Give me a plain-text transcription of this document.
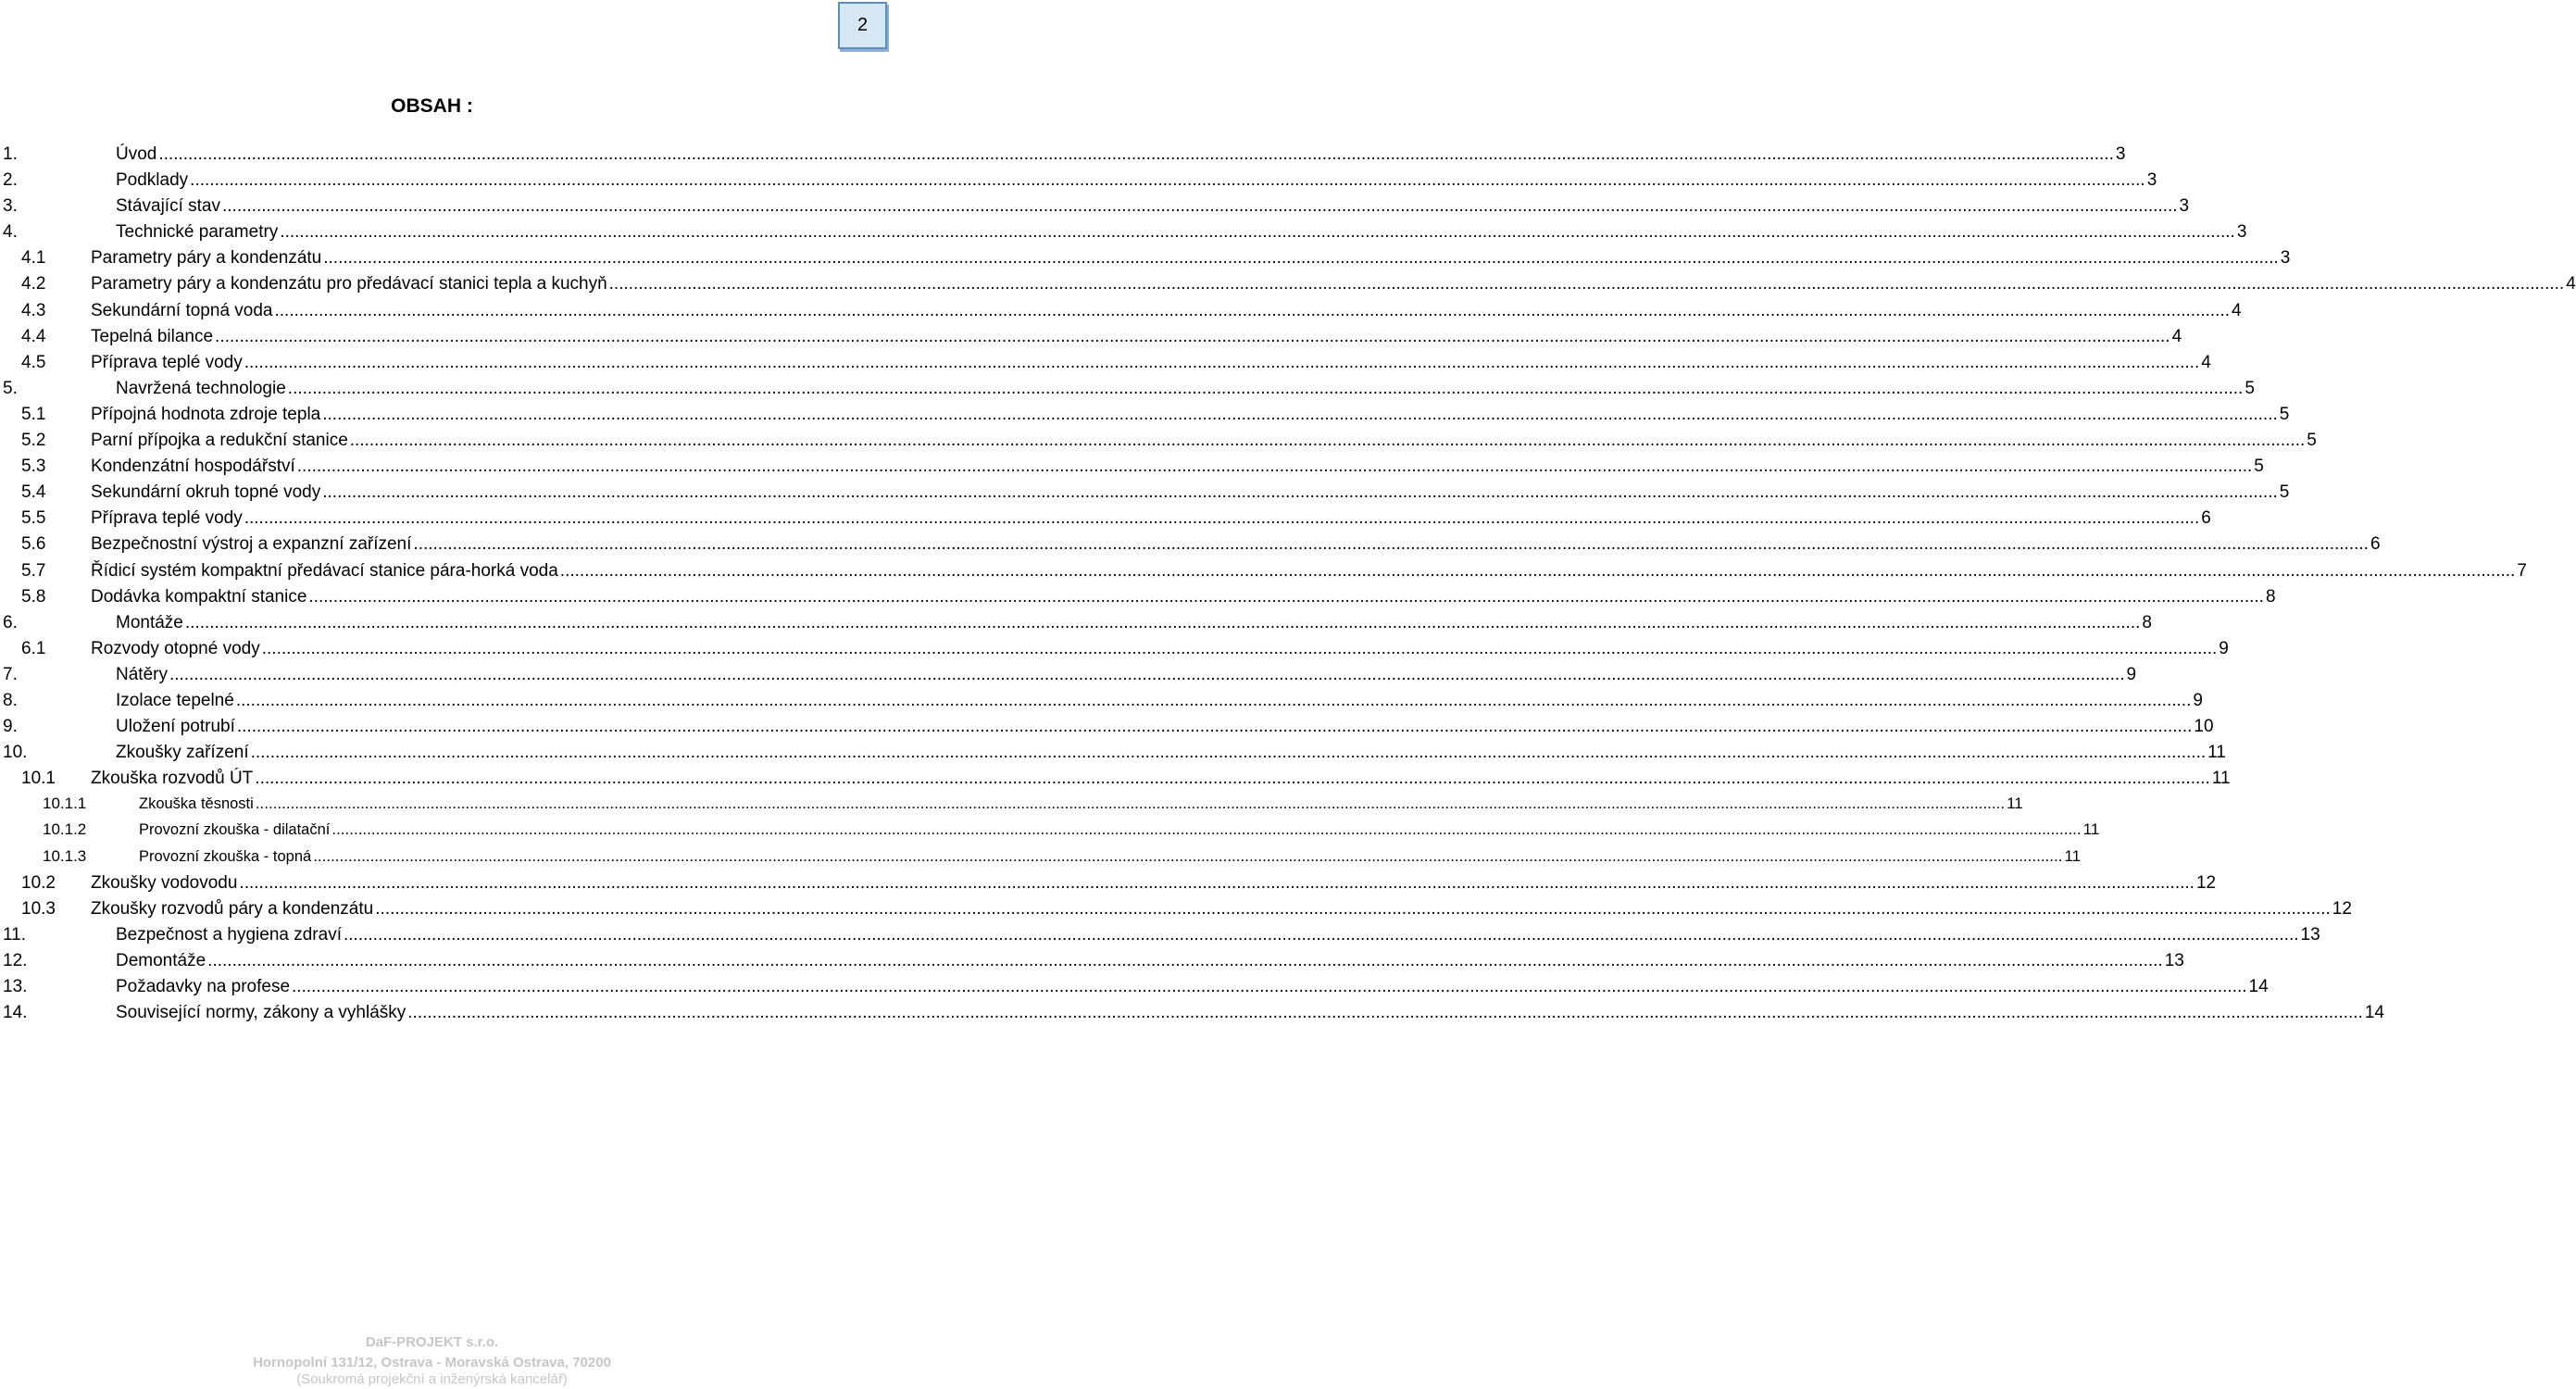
2
OBSAH :
1.	Úvod ................................................................................................................................................................................................................................................................................................................................................................................................................ 3
2.	Podklady ................................................................................................................................................................................................................................................................................................................................................................................................................ 3
3.	Stávající stav ................................................................................................................................................................................................................................................................................................................................................................................................................ 3
4.	Technické parametry ................................................................................................................................................................................................................................................................................................................................................................................................................ 3
4.1	Parametry páry a kondenzátu ................................................................................................................................................................................................................................................................................................................................................................................................................ 3
4.2	Parametry páry a kondenzátu pro předávací stanici tepla a kuchyň ................................................................................................................................................................................................................................................................................................................................................................................................................ 4
4.3	Sekundární topná voda ................................................................................................................................................................................................................................................................................................................................................................................................................ 4
4.4	Tepelná bilance ................................................................................................................................................................................................................................................................................................................................................................................................................ 4
4.5	Příprava teplé vody ................................................................................................................................................................................................................................................................................................................................................................................................................ 4
5.	Navržená technologie ................................................................................................................................................................................................................................................................................................................................................................................................................ 5
5.1	Přípojná hodnota zdroje tepla ................................................................................................................................................................................................................................................................................................................................................................................................................ 5
5.2	Parní přípojka a redukční stanice ................................................................................................................................................................................................................................................................................................................................................................................................................ 5
5.3	Kondenzátní hospodářství ................................................................................................................................................................................................................................................................................................................................................................................................................ 5
5.4	Sekundární okruh topné vody ................................................................................................................................................................................................................................................................................................................................................................................................................ 5
5.5	Příprava teplé vody ................................................................................................................................................................................................................................................................................................................................................................................................................ 6
5.6	Bezpečnostní výstroj a expanzní zařízení ................................................................................................................................................................................................................................................................................................................................................................................................................ 6
5.7	Řídicí systém kompaktní předávací stanice pára-horká voda ................................................................................................................................................................................................................................................................................................................................................................................................................ 7
5.8	Dodávka kompaktní stanice ................................................................................................................................................................................................................................................................................................................................................................................................................ 8
6.	Montáže ................................................................................................................................................................................................................................................................................................................................................................................................................ 8
6.1	Rozvody otopné vody ................................................................................................................................................................................................................................................................................................................................................................................................................ 9
7.	Nátěry ................................................................................................................................................................................................................................................................................................................................................................................................................ 9
8.	Izolace tepelné ................................................................................................................................................................................................................................................................................................................................................................................................................ 9
9.	Uložení potrubí ................................................................................................................................................................................................................................................................................................................................................................................................................ 10
10.	Zkoušky zařízení ................................................................................................................................................................................................................................................................................................................................................................................................................ 11
10.1	Zkouška rozvodů ÚT ................................................................................................................................................................................................................................................................................................................................................................................................................ 11
10.1.1	Zkouška těsnosti ................................................................................................................................................................................................................................................................................................................................................................................................................ 11
10.1.2	Provozní zkouška - dilatační ................................................................................................................................................................................................................................................................................................................................................................................................................ 11
10.1.3	Provozní zkouška - topná ................................................................................................................................................................................................................................................................................................................................................................................................................ 11
10.2	Zkoušky vodovodu ................................................................................................................................................................................................................................................................................................................................................................................................................ 12
10.3	Zkoušky rozvodů páry a kondenzátu ................................................................................................................................................................................................................................................................................................................................................................................................................ 12
11.	Bezpečnost a hygiena zdraví ................................................................................................................................................................................................................................................................................................................................................................................................................ 13
12.	Demontáže ................................................................................................................................................................................................................................................................................................................................................................................................................ 13
13.	Požadavky na profese ................................................................................................................................................................................................................................................................................................................................................................................................................ 14
14.	Související normy, zákony a vyhlášky ................................................................................................................................................................................................................................................................................................................................................................................................................ 14
DaF-PROJEKT s.r.o.
Hornopolní 131/12, Ostrava - Moravská Ostrava, 70200
(Soukromá projekční a inženýrská kancelář)
